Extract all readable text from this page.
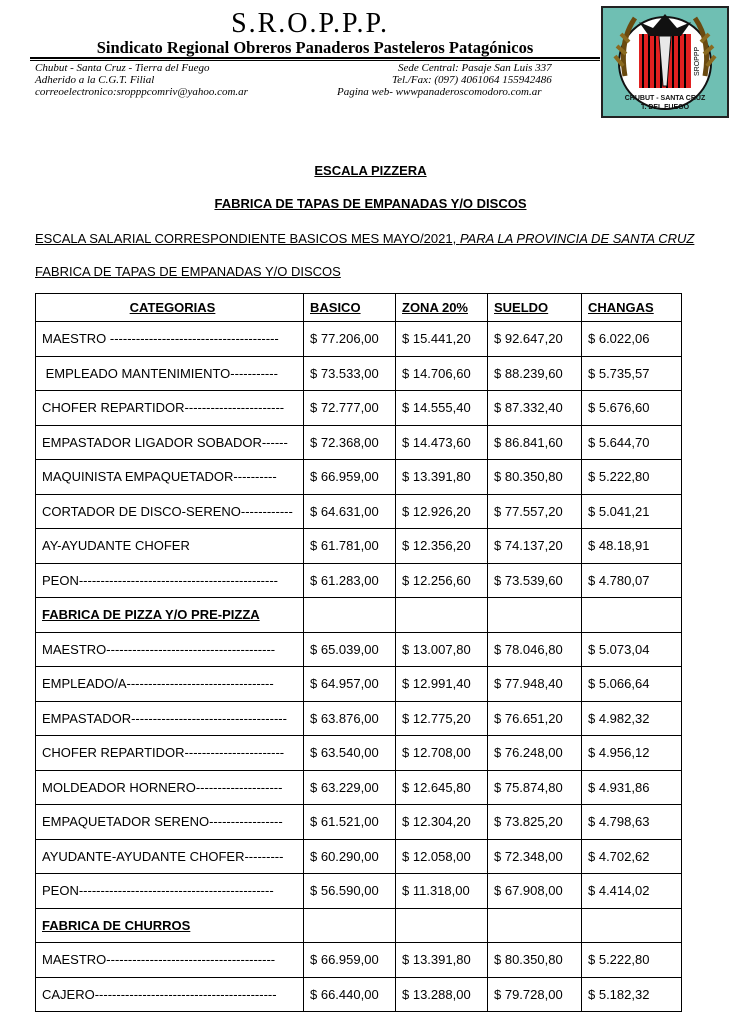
S.R.O.P.P.P.
Sindicato Regional Obreros Panaderos Pasteleros Patagónicos
Chubut - Santa Cruz - Tierra del Fuego
Adherido a la C.G.T. Filial
correoelectronico:sropppcomriv@yahoo.com.ar
Sede Central: Pasaje San Luis 337
Tel./Fax: (097) 4061064 155942486
Pagina web- wwwpanaderoscomodoro.com.ar
SROPPP
CHUBUT - SANTA CRUZ
T. DEL FUEGO
ESCALA PIZZERA
FABRICA DE TAPAS DE EMPANADAS Y/O DISCOS
ESCALA SALARIAL CORRESPONDIENTE BASICOS MES MAYO/2021, PARA LA PROVINCIA DE SANTA CRUZ
FABRICA DE TAPAS DE EMPANADAS Y/O DISCOS
CATEGORIAS	BASICO	ZONA 20%	SUELDO	CHANGAS
MAESTRO ---------------------------------------	$ 77.206,00	$ 15.441,20	$ 92.647,20	$ 6.022,06
EMPLEADO MANTENIMIENTO-----------	$ 73.533,00	$ 14.706,60	$ 88.239,60	$ 5.735,57
CHOFER REPARTIDOR-----------------------	$ 72.777,00	$ 14.555,40	$ 87.332,40	$ 5.676,60
EMPASTADOR LIGADOR SOBADOR------	$ 72.368,00	$ 14.473,60	$ 86.841,60	$ 5.644,70
MAQUINISTA EMPAQUETADOR----------	$ 66.959,00	$ 13.391,80	$ 80.350,80	$ 5.222,80
CORTADOR DE DISCO-SERENO------------	$ 64.631,00	$ 12.926,20	$ 77.557,20	$ 5.041,21
AY-AYUDANTE CHOFER	$ 61.781,00	$ 12.356,20	$ 74.137,20	$ 48.18,91
PEON----------------------------------------------	$ 61.283,00	$ 12.256,60	$ 73.539,60	$ 4.780,07
FABRICA DE PIZZA Y/O PRE-PIZZA				
MAESTRO---------------------------------------	$ 65.039,00	$ 13.007,80	$ 78.046,80	$ 5.073,04
EMPLEADO/A----------------------------------	$ 64.957,00	$ 12.991,40	$ 77.948,40	$ 5.066,64
EMPASTADOR------------------------------------	$ 63.876,00	$ 12.775,20	$ 76.651,20	$ 4.982,32
CHOFER REPARTIDOR-----------------------	$ 63.540,00	$ 12.708,00	$ 76.248,00	$ 4.956,12
MOLDEADOR HORNERO--------------------	$ 63.229,00	$ 12.645,80	$ 75.874,80	$ 4.931,86
EMPAQUETADOR SERENO-----------------	$ 61.521,00	$ 12.304,20	$ 73.825,20	$ 4.798,63
AYUDANTE-AYUDANTE CHOFER---------	$ 60.290,00	$ 12.058,00	$ 72.348,00	$ 4.702,62
PEON---------------------------------------------	$ 56.590,00	$ 11.318,00	$ 67.908,00	$ 4.414,02
FABRICA DE CHURROS				
MAESTRO---------------------------------------	$ 66.959,00	$ 13.391,80	$ 80.350,80	$ 5.222,80
CAJERO------------------------------------------	$ 66.440,00	$ 13.288,00	$ 79.728,00	$ 5.182,32
